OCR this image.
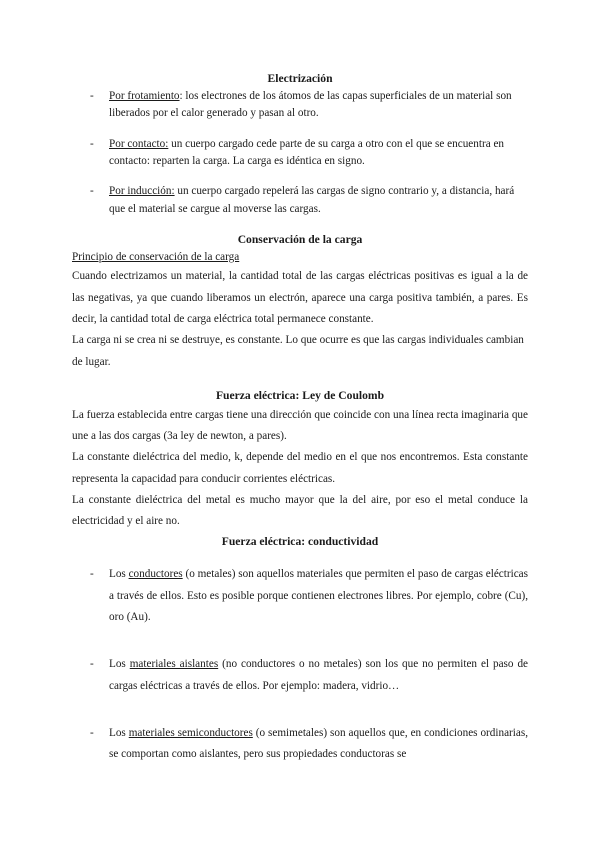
Electrización

- Por frotamiento: los electrones de los átomos de las capas superficiales de un material son liberados por el calor generado y pasan al otro.
- Por contacto: un cuerpo cargado cede parte de su carga a otro con el que se encuentra en contacto: reparten la carga. La carga es idéntica en signo.
- Por inducción: un cuerpo cargado repelerá las cargas de signo contrario y, a distancia, hará que el material se cargue al moverse las cargas.

Conservación de la carga

Principio de conservación de la carga

Cuando electrizamos un material, la cantidad total de las cargas eléctricas positivas es igual a la de las negativas, ya que cuando liberamos un electrón, aparece una carga positiva también, a pares. Es decir, la cantidad total de carga eléctrica total permanece constante.

La carga ni se crea ni se destruye, es constante. Lo que ocurre es que las cargas individuales cambian de lugar.

Fuerza eléctrica: Ley de Coulomb

La fuerza establecida entre cargas tiene una dirección que coincide con una línea recta imaginaria que une a las dos cargas (3a ley de newton, a pares).

La constante dieléctrica del medio, k, depende del medio en el que nos encontremos. Esta constante representa la capacidad para conducir corrientes eléctricas.

La constante dieléctrica del metal es mucho mayor que la del aire, por eso el metal conduce la electricidad y el aire no.

Fuerza eléctrica: conductividad

- Los conductores (o metales) son aquellos materiales que permiten el paso de cargas eléctricas a través de ellos. Esto es posible porque contienen electrones libres. Por ejemplo, cobre (Cu), oro (Au).
- Los materiales aislantes (no conductores o no metales) son los que no permiten el paso de cargas eléctricas a través de ellos. Por ejemplo: madera, vidrio…
- Los materiales semiconductores (o semimetales) son aquellos que, en condiciones ordinarias, se comportan como aislantes, pero sus propiedades conductoras se
